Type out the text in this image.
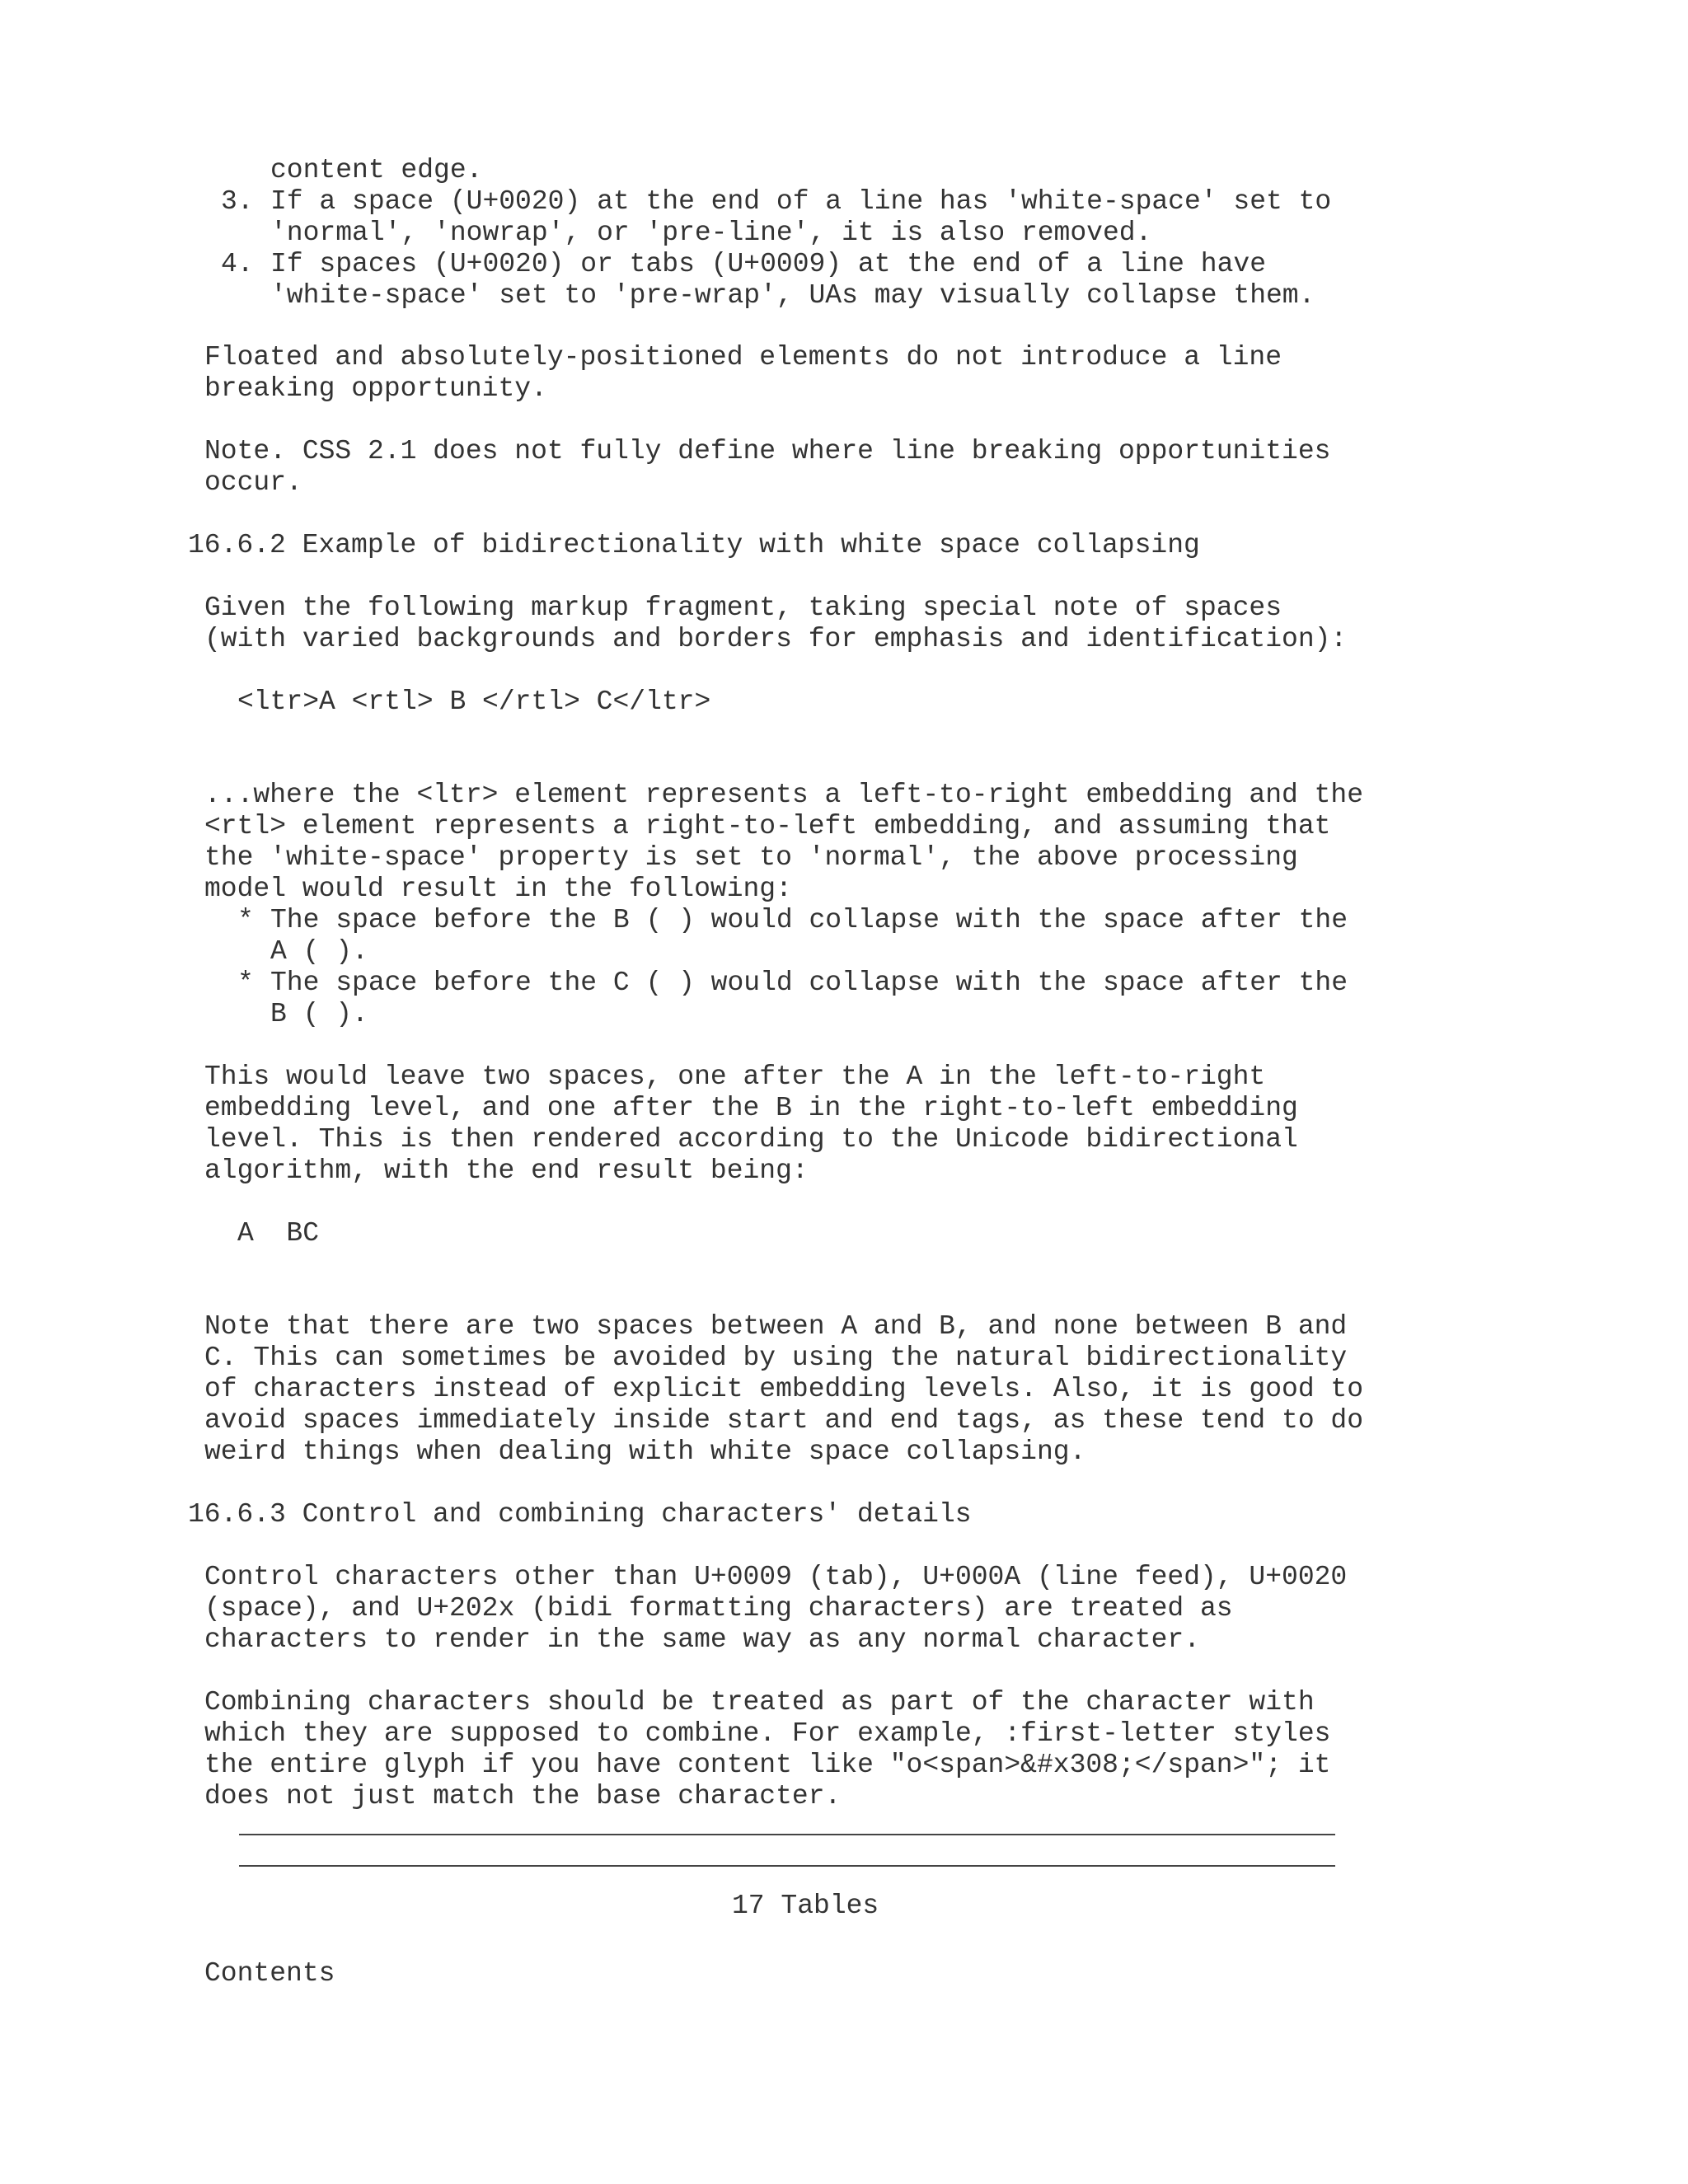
content edge.
3. If a space (U+0020) at the end of a line has 'white-space' set to
'normal', 'nowrap', or 'pre-line', it is also removed.
4. If spaces (U+0020) or tabs (U+0009) at the end of a line have
'white-space' set to 'pre-wrap', UAs may visually collapse them.
Floated and absolutely-positioned elements do not introduce a line
breaking opportunity.
Note. CSS 2.1 does not fully define where line breaking opportunities
occur.
16.6.2 Example of bidirectionality with white space collapsing
Given the following markup fragment, taking special note of spaces
(with varied backgrounds and borders for emphasis and identification):
<ltr>A <rtl> B </rtl> C</ltr>
...where the <ltr> element represents a left-to-right embedding and the
<rtl> element represents a right-to-left embedding, and assuming that
the 'white-space' property is set to 'normal', the above processing
model would result in the following:
* The space before the B ( ) would collapse with the space after the
A ( ).
* The space before the C ( ) would collapse with the space after the
B ( ).
This would leave two spaces, one after the A in the left-to-right
embedding level, and one after the B in the right-to-left embedding
level. This is then rendered according to the Unicode bidirectional
algorithm, with the end result being:
A  BC
Note that there are two spaces between A and B, and none between B and
C. This can sometimes be avoided by using the natural bidirectionality
of characters instead of explicit embedding levels. Also, it is good to
avoid spaces immediately inside start and end tags, as these tend to do
weird things when dealing with white space collapsing.
16.6.3 Control and combining characters' details
Control characters other than U+0009 (tab), U+000A (line feed), U+0020
(space), and U+202x (bidi formatting characters) are treated as
characters to render in the same way as any normal character.
Combining characters should be treated as part of the character with
which they are supposed to combine. For example, :first-letter styles
the entire glyph if you have content like "o<span>&#x308;</span>"; it
does not just match the base character.
17 Tables
Contents
